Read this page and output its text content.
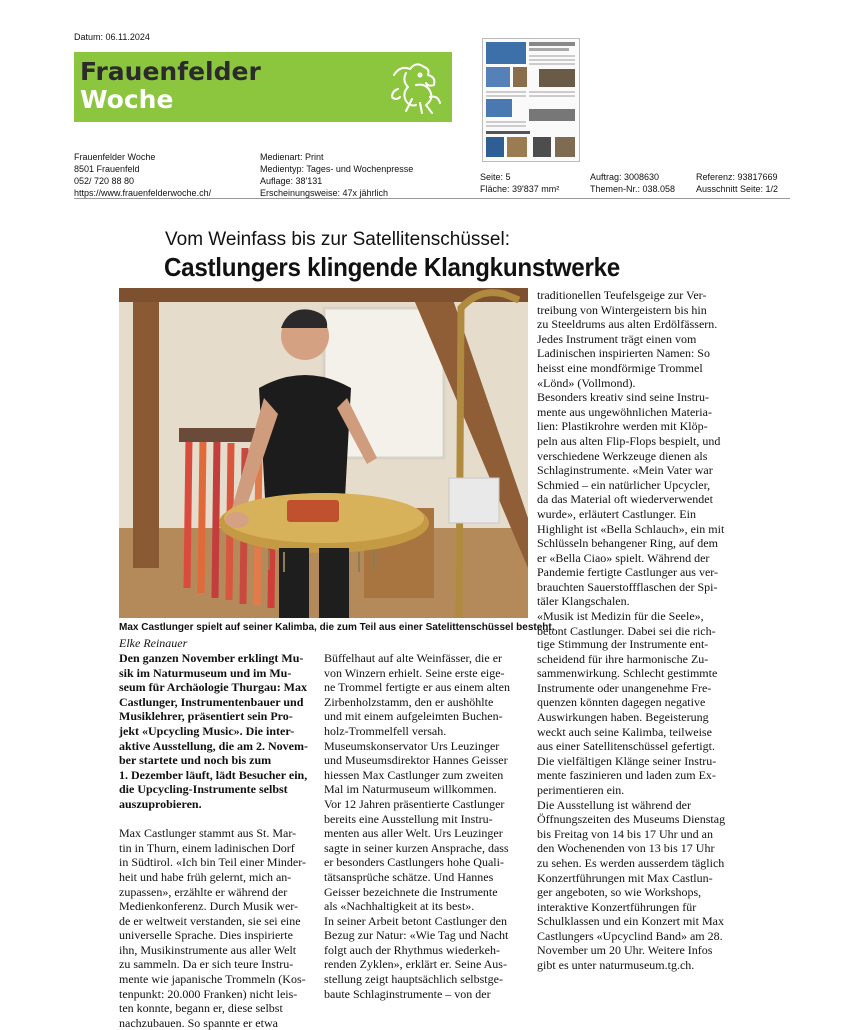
Datum: 06.11.2024
Frauenfelder
Woche
Frauenfelder Woche
8501 Frauenfeld
052/ 720 88 80
https://www.frauenfelderwoche.ch/
Medienart: Print
Medientyp: Tages- und Wochenpresse
Auflage: 38'131
Erscheinungsweise: 47x jährlich
Seite: 5
Fläche: 39'837 mm²
Auftrag: 3008630
Themen-Nr.: 038.058
Referenz: 93817669
Ausschnitt Seite: 1/2
Vom Weinfass bis zur Satellitenschüssel:
Castlungers klingende Klangkunstwerke
Max Castlunger spielt auf seiner Kalimba, die zum Teil aus einer Satelittenschüssel besteht.
Elke Reinauer
Den ganzen November erklingt Mu-
sik im Naturmuseum und im Mu-
seum für Archäologie Thurgau: Max
Castlunger, Instrumentenbauer und
Musiklehrer, präsentiert sein Pro-
jekt «Upcycling Music». Die inter-
aktive Ausstellung, die am 2. Novem-
ber startete und noch bis zum
1. Dezember läuft, lädt Besucher ein,
die Upcycling-Instrumente selbst
auszuprobieren.

Max Castlunger stammt aus St. Mar-
tin in Thurn, einem ladinischen Dorf
in Südtirol. «Ich bin Teil einer Minder-
heit und habe früh gelernt, mich an-
zupassen», erzählte er während der
Medienkonferenz. Durch Musik wer-
de er weltweit verstanden, sie sei eine
universelle Sprache. Dies inspirierte
ihn, Musikinstrumente aus aller Welt
zu sammeln. Da er sich teure Instru-
mente wie japanische Trommeln (Kos-
tenpunkt: 20.000 Franken) nicht leis-
ten konnte, begann er, diese selbst
nachzubauen. So spannte er etwa
Büffelhaut auf alte Weinfässer, die er
von Winzern erhielt. Seine erste eige-
ne Trommel fertigte er aus einem alten
Zirbenholzstamm, den er aushöhlte
und mit einem aufgeleimten Buchen-
holz-Trommelfell versah.
Museumskonservator Urs Leuzinger
und Museumsdirektor Hannes Geisser
hiessen Max Castlunger zum zweiten
Mal im Naturmuseum willkommen.
Vor 12 Jahren präsentierte Castlunger
bereits eine Ausstellung mit Instru-
menten aus aller Welt. Urs Leuzinger
sagte in seiner kurzen Ansprache, dass
er besonders Castlungers hohe Quali-
tätsansprüche schätze. Und Hannes
Geisser bezeichnete die Instrumente
als «Nachhaltigkeit at its best».
In seiner Arbeit betont Castlunger den
Bezug zur Natur: «Wie Tag und Nacht
folgt auch der Rhythmus wiederkeh-
renden Zyklen», erklärt er. Seine Aus-
stellung zeigt hauptsächlich selbstge-
baute Schlaginstrumente – von der
traditionellen Teufelsgeige zur Ver-
treibung von Wintergeistern bis hin
zu Steeldrums aus alten Erdölfässern.
Jedes Instrument trägt einen vom
Ladinischen inspirierten Namen: So
heisst eine mondförmige Trommel
«Lönd» (Vollmond).
Besonders kreativ sind seine Instru-
mente aus ungewöhnlichen Materia-
lien: Plastikrohre werden mit Klöp-
peln aus alten Flip-Flops bespielt, und
verschiedene Werkzeuge dienen als
Schlaginstrumente. «Mein Vater war
Schmied – ein natürlicher Upcycler,
da das Material oft wiederverwendet
wurde», erläutert Castlunger. Ein
Highlight ist «Bella Schlauch», ein mit
Schlüsseln behangener Ring, auf dem
er «Bella Ciao» spielt. Während der
Pandemie fertigte Castlunger aus ver-
brauchten Sauerstoffflaschen der Spi-
täler Klangschalen.
«Musik ist Medizin für die Seele»,
betont Castlunger. Dabei sei die rich-
tige Stimmung der Instrumente ent-
scheidend für ihre harmonische Zu-
sammenwirkung. Schlecht gestimmte
Instrumente oder unangenehme Fre-
quenzen könnten dagegen negative
Auswirkungen haben. Begeisterung
weckt auch seine Kalimba, teilweise
aus einer Satellitenschüssel gefertigt.
Die vielfältigen Klänge seiner Instru-
mente faszinieren und laden zum Ex-
perimentieren ein.
Die Ausstellung ist während der
Öffnungszeiten des Museums Dienstag
bis Freitag von 14 bis 17 Uhr und an
den Wochenenden von 13 bis 17 Uhr
zu sehen. Es werden ausserdem täglich
Konzertführungen mit Max Castlun-
ger angeboten, so wie Workshops,
interaktive Konzertführungen für
Schulklassen und ein Konzert mit Max
Castlungers «Upcyclind Band» am 28.
November um 20 Uhr. Weitere Infos
gibt es unter naturmuseum.tg.ch.
